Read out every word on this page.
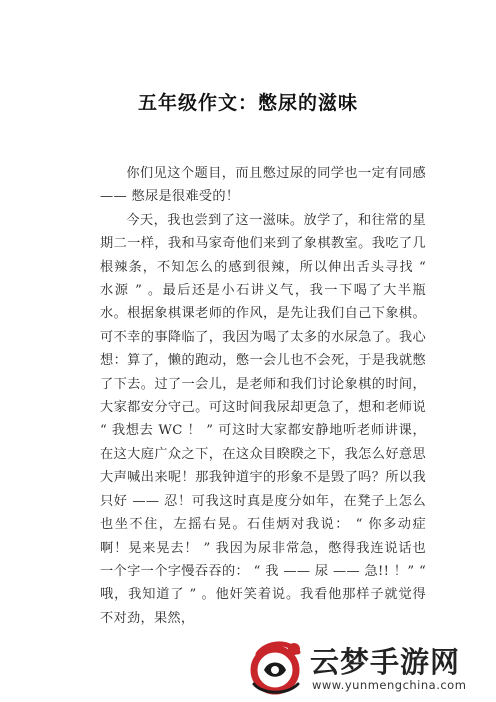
五年级作文：憋尿的滋味

你们见这个题目，而且憋过尿的同学也一定有同感 —— 憋尿是很难受的！

今天，我也尝到了这一滋味。放学了，和往常的星期二一样，我和马家奇他们来到了象棋教室。我吃了几根辣条，不知怎么的感到很辣，所以伸出舌头寻找 “ 水源 ” 。最后还是小石讲义气，我一下喝了大半瓶水。根据象棋课老师的作风，是先让我们自己下象棋。可不幸的事降临了，我因为喝了太多的水尿急了。我心想：算了，懒的跑动，憋一会儿也不会死，于是我就憋了下去。过了一会儿，是老师和我们讨论象棋的时间，大家都安分守己。可这时间我尿却更急了，想和老师说 “ 我想去 WC ！ ” 可这时大家都安静地听老师讲课，在这大庭广众之下，在这众目睽睽之下，我怎么好意思大声喊出来呢！那我钟道宇的形象不是毁了吗？所以我只好 —— 忍！可我这时真是度分如年，在凳子上怎么也坐不住，左摇右晃。石佳炳对我说： “ 你多动症啊！晃来晃去！ ” 我因为尿非常急，憋得我连说话也一个字一个字慢吞吞的： “ 我 —— 尿 —— 急!! ！” “ 哦，我知道了 ” 。他奸笑着说。我看他那样子就觉得不对劲，果然，

云梦手游网
www.yunmengchina.com
